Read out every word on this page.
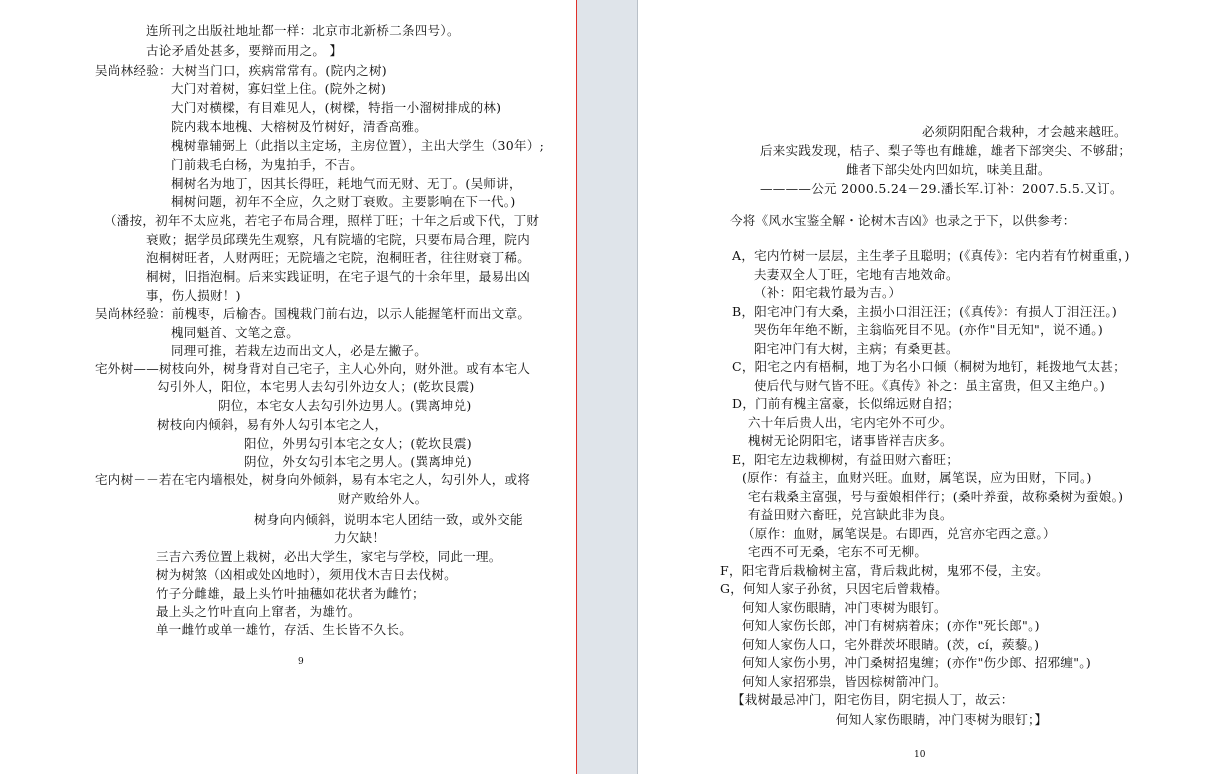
连所刊之出版社地址都一样：北京市北新桥二条四号）。

古论矛盾处甚多，要辩而用之。 】

吴尚林经验：大树当门口，疾病常常有。(院内之树)

大门对着树，寡妇堂上住。(院外之树)

大门对横樑，有目难见人，(树樑，特指一小溜树排成的林)

院内栽本地槐、大榕树及竹树好，清香高雅。

槐树靠辅弼上（此指以主定场，主房位置），主出大学生（30年）;

门前栽毛白杨，为鬼拍手，不吉。

桐树名为地丁，因其长得旺，耗地气而无财、无丁。(吴师讲，

桐树问题，初年不全应，久之财丁衰败。主要影响在下一代。)

（潘按，初年不太应兆，若宅子布局合理，照样丁旺；十年之后或下代，丁财

衰败；据学员邱璞先生观察，凡有院墙的宅院，只要布局合理，院内

泡桐树旺者，人财两旺；无院墙之宅院，泡桐旺者，往往财衰丁稀。

桐树，旧指泡桐。后来实践证明，在宅子退气的十余年里，最易出凶

事，伤人损财！)

吴尚林经验：前槐枣，后榆杏。国槐栽门前右边，以示人能握笔杆而出文章。

槐同魁首、文笔之意。

同理可推，若栽左边而出文人，必是左撇子。

宅外树——树枝向外，树身背对自己宅子，主人心外向，财外泄。或有本宅人

勾引外人，阳位，本宅男人去勾引外边女人；(乾坎艮震)

阴位，本宅女人去勾引外边男人。(巽离坤兑)

树枝向内倾斜，易有外人勾引本宅之人，

阳位，外男勾引本宅之女人；(乾坎艮震)

阴位，外女勾引本宅之男人。(巽离坤兑)

宅内树－－若在宅内墙根处，树身向外倾斜，易有本宅之人，勾引外人，或将

财产败给外人。

树身向内倾斜，说明本宅人团结一致，或外交能

力欠缺！

三吉六秀位置上栽树，必出大学生，家宅与学校，同此一理。

树为树煞（凶相或处凶地时），须用伐木吉日去伐树。

竹子分雌雄，最上头竹叶抽穗如花状者为雌竹；

最上头之竹叶直向上窜者，为雄竹。

单一雌竹或单一雄竹，存活、生长皆不久长。

9

必须阴阳配合栽种，才会越来越旺。

后来实践发现，桔子、梨子等也有雌雄，雄者下部突尖、不够甜；

雌者下部尖处内凹如坑，味美且甜。

————公元 2000.5.24－29.潘长军.订补：2007.5.5.又订。

今将《风水宝鉴全解・论树木吉凶》也录之于下，以供参考：

A，宅内竹树一层层，主生孝子且聪明；(《真传》：宅内若有竹树重重，)

夫妻双全人丁旺，宅地有吉地效命。

（补：阳宅栽竹最为吉。）

B，阳宅冲门有大桑，主损小口泪汪汪；(《真传》：有损人丁泪汪汪。)

哭伤年年绝不断，主翁临死目不见。(亦作"目无知"，说不通。)

阳宅冲门有大树，主病；有桑更甚。

C，阳宅之内有梧桐，地丁为名小口倾（桐树为地钉，耗拨地气太甚；

使后代与财气皆不旺。《真传》补之：虽主富贵，但又主绝户。)

D，门前有槐主富豪，长似绵远财自招；

六十年后贵人出，宅内宅外不可少。

槐树无论阴阳宅，诸事皆祥吉庆多。

E，阳宅左边栽柳树，有益田财六畜旺；

(原作：有益主，血财兴旺。血财，属笔误，应为田财，下同。)

宅右栽桑主富强，号与蚕娘相伴行；(桑叶养蚕，故称桑树为蚕娘。)

有益田财六畜旺，兑宫缺此非为良。

（原作：血财，属笔误是。右即西，兑宫亦宅西之意。）

宅西不可无桑，宅东不可无柳。

F，阳宅背后栽榆树主富，背后栽此树，鬼邪不侵，主安。

G，何知人家子孙贫，只因宅后曾栽椿。

何知人家伤眼睛，冲门枣树为眼钉。

何知人家伤长郎，冲门有树病着床；(亦作"死长郎"。)

何知人家伤人口，宅外群茨坏眼睛。(茨，cí，蒺藜。)

何知人家伤小男，冲门桑树招鬼缠；(亦作"伤少郎、招邪缠"。)

何知人家招邪祟，皆因棕树箭冲门。

【栽树最忌冲门，阳宅伤目，阴宅损人丁，故云：

何知人家伤眼睛，冲门枣树为眼钉；】

10
